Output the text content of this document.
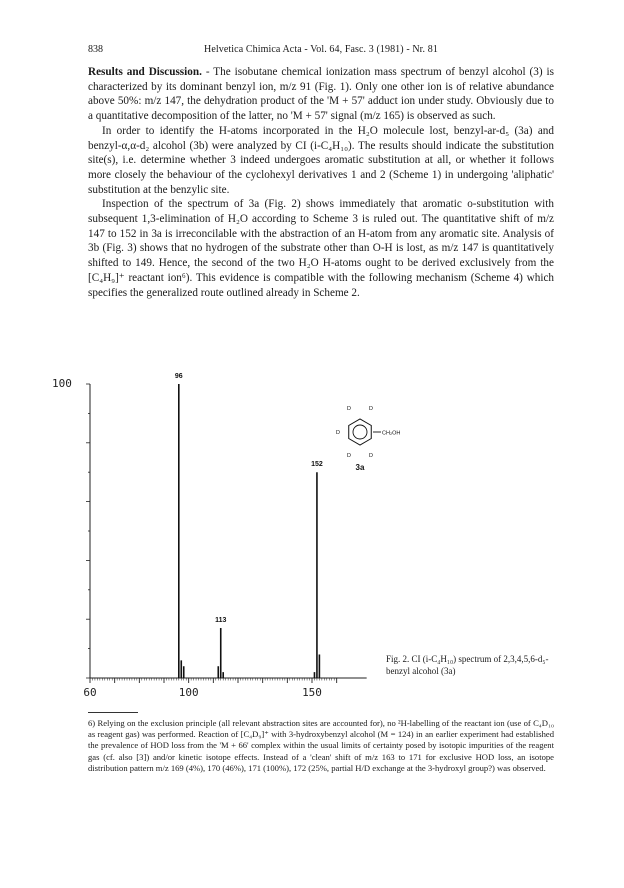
838	Helvetica Chimica Acta - Vol. 64, Fasc. 3 (1981) - Nr. 81

Results and Discussion. - The isobutane chemical ionization mass spectrum of benzyl alcohol (3) is characterized by its dominant benzyl ion, m/z 91 (Fig. 1). Only one other ion is of relative abundance above 50%: m/z 147, the dehydration product of the 'M + 57' adduct ion under study. Obviously due to a quantitative decomposition of the latter, no 'M + 57' signal (m/z 165) is observed as such.

In order to identify the H-atoms incorporated in the H₂O molecule lost, benzyl-ar-d₅ (3a) and benzyl-α,α-d₂ alcohol (3b) were analyzed by CI (i-C₄H₁₀). The results should indicate the substitution site(s), i.e. determine whether 3 indeed undergoes aromatic substitution at all, or whether it follows more closely the behaviour of the cyclohexyl derivatives 1 and 2 (Scheme 1) in undergoing 'aliphatic' substitution at the benzylic site.

Inspection of the spectrum of 3a (Fig. 2) shows immediately that aromatic o-substitution with subsequent 1,3-elimination of H₂O according to Scheme 3 is ruled out. The quantitative shift of m/z 147 to 152 in 3a is irreconcilable with the abstraction of an H-atom from any aromatic site. Analysis of 3b (Fig. 3) shows that no hydrogen of the substrate other than O-H is lost, as m/z 147 is quantitatively shifted to 149. Hence, the second of the two H₂O H-atoms ought to be derived exclusively from the [C₄H₉]⁺ reactant ion⁶). This evidence is compatible with the following mechanism (Scheme 4) which specifies the generalized route outlined already in Scheme 2.

100
60	100	150
96
113
152
CH₂OH
D	D
D
D	D
3a
Fig. 2. CI (i-C₄H₁₀) spectrum of 2,3,4,5,6-d₅-benzyl alcohol (3a)
6) Relying on the exclusion principle (all relevant abstraction sites are accounted for), no ²H-labelling of the reactant ion (use of C₄D₁₀ as reagent gas) was performed. Reaction of [C₄D₉]⁺ with 3-hydroxybenzyl alcohol (M = 124) in an earlier experiment had established the prevalence of HOD loss from the 'M + 66' complex within the usual limits of certainty posed by isotopic impurities of the reagent gas (cf. also [3]) and/or kinetic isotope effects. Instead of a 'clean' shift of m/z 163 to 171 for exclusive HOD loss, an isotope distribution pattern m/z 169 (4%), 170 (46%), 171 (100%), 172 (25%, partial H/D exchange at the 3-hydroxyl group?) was observed.
